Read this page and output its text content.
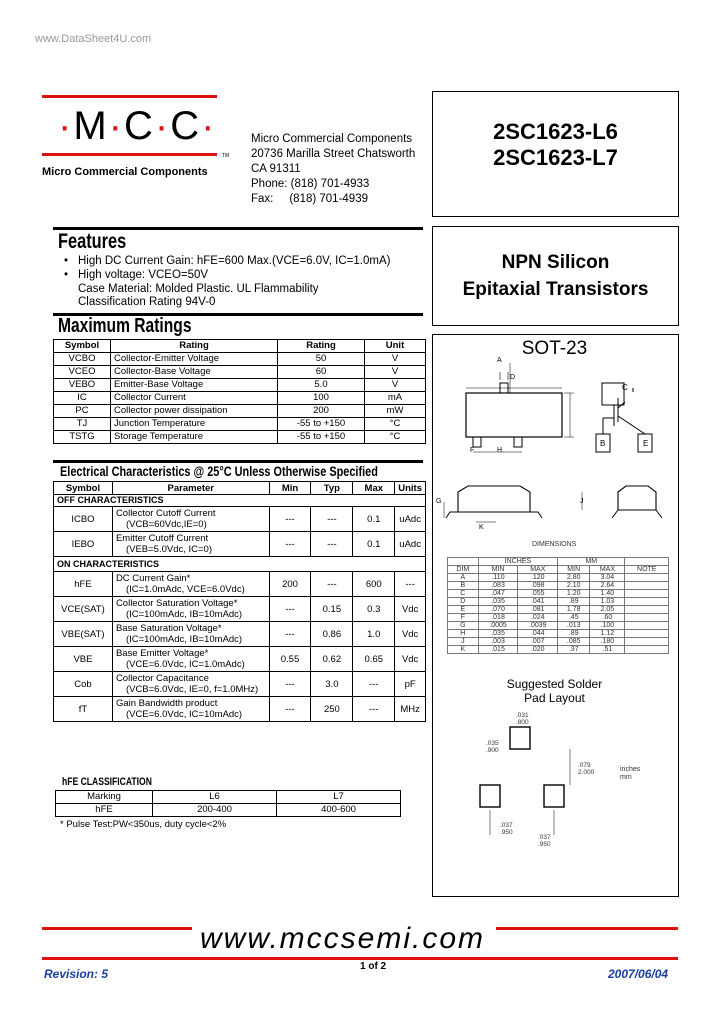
www.DataSheet4U.com
·M·C·C·
TM
Micro Commercial Components
Micro Commercial Components
20736 Marilla Street Chatsworth
CA 91311
Phone: (818) 701-4933
Fax:     (818) 701-4939
2SC1623-L6
2SC1623-L7
NPN Silicon
Epitaxial Transistors
Features
• High DC Current Gain: hFE=600 Max.(VCE=6.0V, IC=1.0mA)
• High voltage: VCEO=50V
Case Material: Molded Plastic. UL Flammability
Classification Rating 94V-0
Maximum Ratings
Symbol	Rating	Rating	Unit
VCBO	Collector-Emitter Voltage	50	V
VCEO	Collector-Base Voltage	60	V
VEBO	Emitter-Base Voltage	5.0	V
IC	Collector Current	100	mA
PC	Collector power dissipation	200	mW
TJ	Junction Temperature	-55 to +150	°C
TSTG	Storage Temperature	-55 to +150	°C
Electrical Characteristics @ 25°C Unless Otherwise Specified
Symbol	Parameter	Min	Typ	Max	Units
OFF CHARACTERISTICS					
ICBO	Collector Cutoff Current
(VCB=60Vdc,IE=0)	---	---	0.1	uAdc
IEBO	Emitter Cutoff Current
(VEB=5.0Vdc, IC=0)	---	---	0.1	uAdc
ON CHARACTERISTICS					
hFE	DC Current Gain*
(IC=1.0mAdc, VCE=6.0Vdc)	200	---	600	---
VCE(SAT)	Collector Saturation Voltage*
(IC=100mAdc, IB=10mAdc)	---	0.15	0.3	Vdc
VBE(SAT)	Base Saturation Voltage*
(IC=100mAdc, IB=10mAdc)	---	0.86	1.0	Vdc
VBE	Base Emitter Voltage*
(VCE=6.0Vdc, IC=1.0mAdc)	0.55	0.62	0.65	Vdc
Cob	Collector Capacitance
(VCB=6.0Vdc, IE=0, f=1.0MHz)	---	3.0	---	pF
fT	Gain Bandwidth product
(VCE=6.0Vdc, IC=10mAdc)	---	250	---	MHz
hFE CLASSIFICATION
Marking	L6	L7
hFE	200-400	400-600
* Pulse Test:PW<350us, duty cycle<2%
SOT-23
C
B	E
A
D
F	H
G	J
K
DIMENSIONS
	INCHES		MM		
DIM	MIN	MAX	MIN	MAX	NOTE
A	.110	.120	2.80	3.04	
B	.083	.098	2.10	2.64	
C	.047	.055	1.20	1.40	
D	.035	.041	.89	1.03	
E	.070	.081	1.78	2.05	
F	.018	.024	.45	.60	
G	.0005	.0039	.013	.100	
H	.035	.044	.89	1.12	
J	.003	.007	.085	.180	
K	.015	.020	.37	.51	
Suggested Solder
Pad Layout
.031
.800
.035
.900
.079
2.000	inches
mm
.037
.950
.037
.950
www.mccsemi.com
Revision: 5
1 of 2
2007/06/04
